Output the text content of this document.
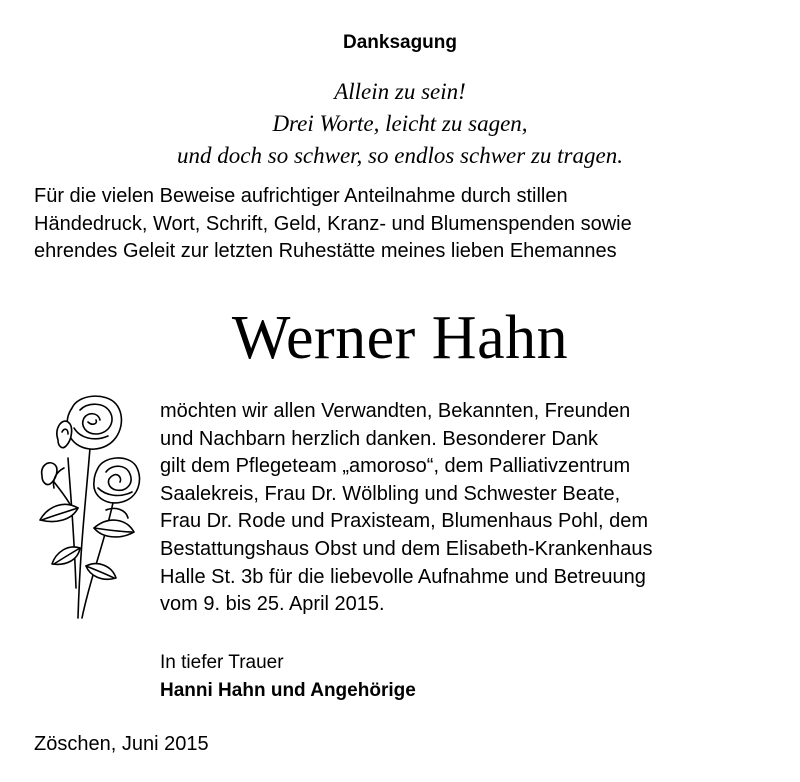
Danksagung
Allein zu sein!
Drei Worte, leicht zu sagen,
und doch so schwer, so endlos schwer zu tragen.
Für die vielen Beweise aufrichtiger Anteilnahme durch stillen
Händedruck, Wort, Schrift, Geld, Kranz- und Blumenspenden sowie
ehrendes Geleit zur letzten Ruhestätte meines lieben Ehemannes
Werner Hahn
möchten wir allen Verwandten, Bekannten, Freunden
und Nachbarn herzlich danken. Besonderer Dank
gilt dem Pflegeteam „amoroso“, dem Palliativzentrum
Saalekreis, Frau Dr. Wölbling und Schwester Beate,
Frau Dr. Rode und Praxisteam, Blumenhaus Pohl, dem
Bestattungshaus Obst und dem Elisabeth-Krankenhaus
Halle St. 3b für die liebevolle Aufnahme und Betreuung
vom 9. bis 25. April 2015.
In tiefer Trauer
Hanni Hahn und Angehörige
Zöschen, Juni 2015
